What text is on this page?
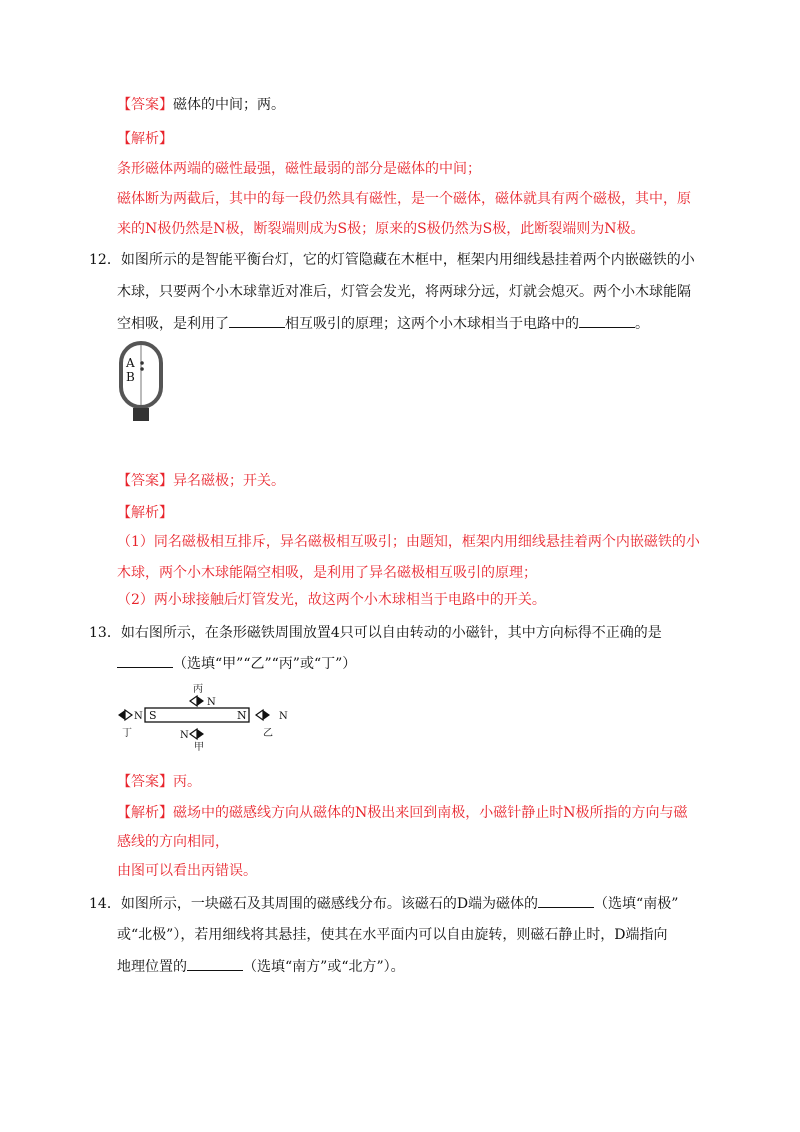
【答案】磁体的中间；两。
【解析】
条形磁体两端的磁性最强，磁性最弱的部分是磁体的中间；
磁体断为两截后，其中的每一段仍然具有磁性，是一个磁体，磁体就具有两个磁极，其中，原
来的N极仍然是N极，断裂端则成为S极；原来的S极仍然为S极，此断裂端则为N极。
12．如图所示的是智能平衡台灯，它的灯管隐藏在木框中，框架内用细线悬挂着两个内嵌磁铁的小
木球，只要两个小木球靠近对准后，灯管会发光，将两球分远，灯就会熄灭。两个小木球能隔
空相吸，是利用了	相互吸引的原理；这两个小木球相当于电路中的	。
A
B
【答案】异名磁极；开关。
【解析】
（1）同名磁极相互排斥，异名磁极相互吸引；由题知，框架内用细线悬挂着两个内嵌磁铁的小
木球，两个小木球能隔空相吸，是利用了异名磁极相互吸引的原理；
（2）两小球接触后灯管发光，故这两个小木球相当于电路中的开关。
13．如右图所示，在条形磁铁周围放置4只可以自由转动的小磁针，其中方向标得不正确的是
（选填“甲”“乙”“丙”或“丁”）
丙
N
N
丁
S	N	N
乙
N
甲
【答案】丙。
【解析】磁场中的磁感线方向从磁体的N极出来回到南极，小磁针静止时N极所指的方向与磁
感线的方向相同，
由图可以看出丙错误。
14．如图所示，一块磁石及其周围的磁感线分布。该磁石的D端为磁体的	（选填“南极”
或“北极”），若用细线将其悬挂，使其在水平面内可以自由旋转，则磁石静止时，D端指向
地理位置的	（选填“南方”或“北方”）。
